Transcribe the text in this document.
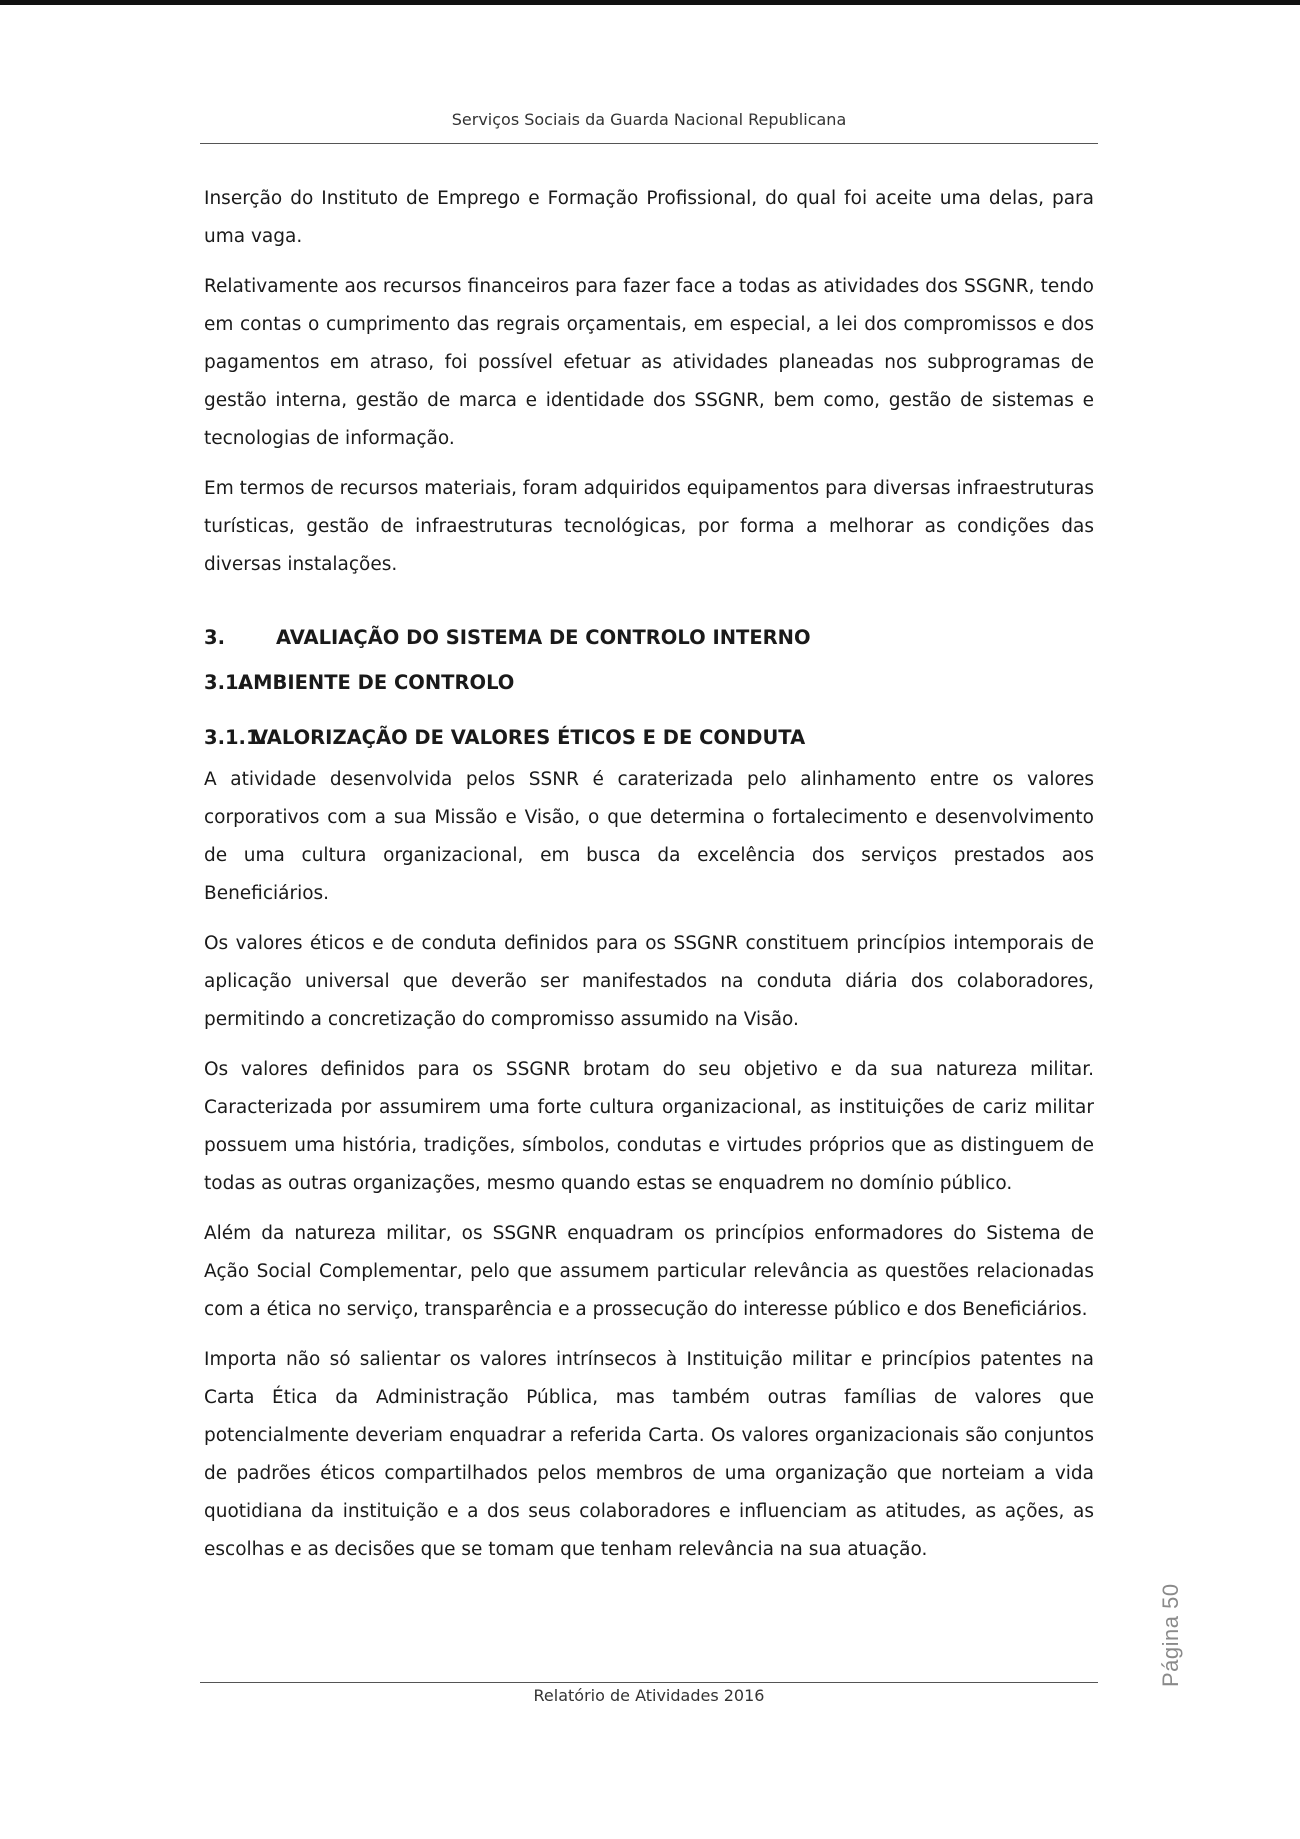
Serviços Sociais da Guarda Nacional Republicana

Inserção do Instituto de Emprego e Formação Profissional, do qual foi aceite uma delas, para uma vaga.

Relativamente aos recursos financeiros para fazer face a todas as atividades dos SSGNR, tendo em contas o cumprimento das regrais orçamentais, em especial, a lei dos compromissos e dos pagamentos em atraso, foi possível efetuar as atividades planeadas nos subprogramas de gestão interna, gestão de marca e identidade dos SSGNR, bem como, gestão de sistemas e tecnologias de informação.

Em termos de recursos materiais, foram adquiridos equipamentos para diversas infraestruturas turísticas, gestão de infraestruturas tecnológicas, por forma a melhorar as condições das diversas instalações.

3.	AVALIAÇÃO DO SISTEMA DE CONTROLO INTERNO
3.1.AMBIENTE DE CONTROLO
3.1.1.VALORIZAÇÃO DE VALORES ÉTICOS E DE CONDUTA

A atividade desenvolvida pelos SSNR é caraterizada pelo alinhamento entre os valores corporativos com a sua Missão e Visão, o que determina o fortalecimento e desenvolvimento de uma cultura organizacional, em busca da excelência dos serviços prestados aos Beneficiários.

Os valores éticos e de conduta definidos para os SSGNR constituem princípios intemporais de aplicação universal que deverão ser manifestados na conduta diária dos colaboradores, permitindo a concretização do compromisso assumido na Visão.

Os valores definidos para os SSGNR brotam do seu objetivo e da sua natureza militar. Caracterizada por assumirem uma forte cultura organizacional, as instituições de cariz militar possuem uma história, tradições, símbolos, condutas e virtudes próprios que as distinguem de todas as outras organizações, mesmo quando estas se enquadrem no domínio público.

Além da natureza militar, os SSGNR enquadram os princípios enformadores do Sistema de Ação Social Complementar, pelo que assumem particular relevância as questões relacionadas com a ética no serviço, transparência e a prossecução do interesse público e dos Beneficiários.

Importa não só salientar os valores intrínsecos à Instituição militar e princípios patentes na Carta Ética da Administração Pública, mas também outras famílias de valores que potencialmente deveriam enquadrar a referida Carta. Os valores organizacionais são conjuntos de padrões éticos compartilhados pelos membros de uma organização que norteiam a vida quotidiana da instituição e a dos seus colaboradores e influenciam as atitudes, as ações, as escolhas e as decisões que se tomam que tenham relevância na sua atuação.

Página 50
Relatório de Atividades 2016
